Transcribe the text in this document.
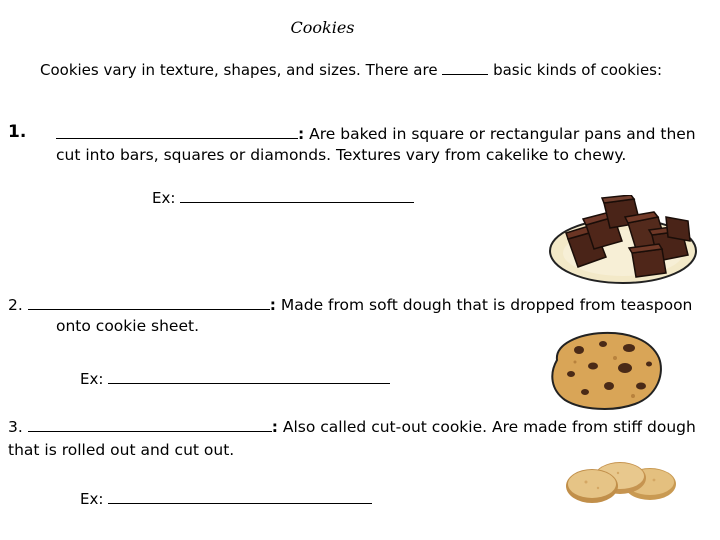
Cookies
Cookies vary in texture, shapes, and sizes. There are	basic kinds of cookies:
1.	: Are baked in square or rectangular pans and then
cut into bars, squares or diamonds. Textures vary from cakelike to chewy.
Ex:
2.	: Made from soft dough that is dropped from teaspoon
onto cookie sheet.
Ex:
3.	: Also called cut-out cookie. Are made from stiff dough
that is rolled out and cut out.
Ex:
